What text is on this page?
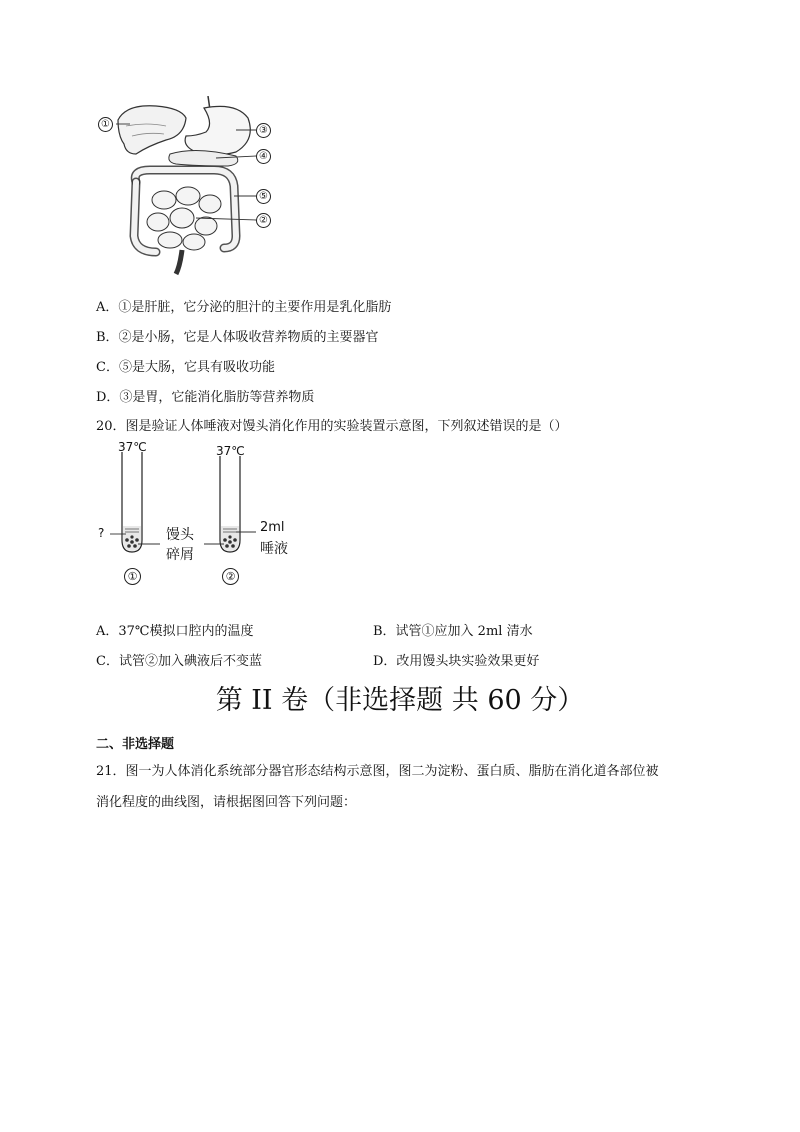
①
③
④
⑤
②
A．①是肝脏，它分泌的胆汁的主要作用是乳化脂肪
B．②是小肠，它是人体吸收营养物质的主要器官
C．⑤是大肠，它具有吸收功能
D．③是胃，它能消化脂肪等营养物质
20．图是验证人体唾液对馒头消化作用的实验装置示意图，下列叙述错误的是（）
37℃	37℃
?	馒头
碎屑
2ml
唾液
①	②
A．37℃模拟口腔内的温度	B．试管①应加入 2ml 清水
C．试管②加入碘液后不变蓝	D．改用馒头块实验效果更好
第 II 卷（非选择题 共 60 分）
二、非选择题
21．图一为人体消化系统部分器官形态结构示意图，图二为淀粉、蛋白质、脂肪在消化道各部位被
消化程度的曲线图，请根据图回答下列问题：
